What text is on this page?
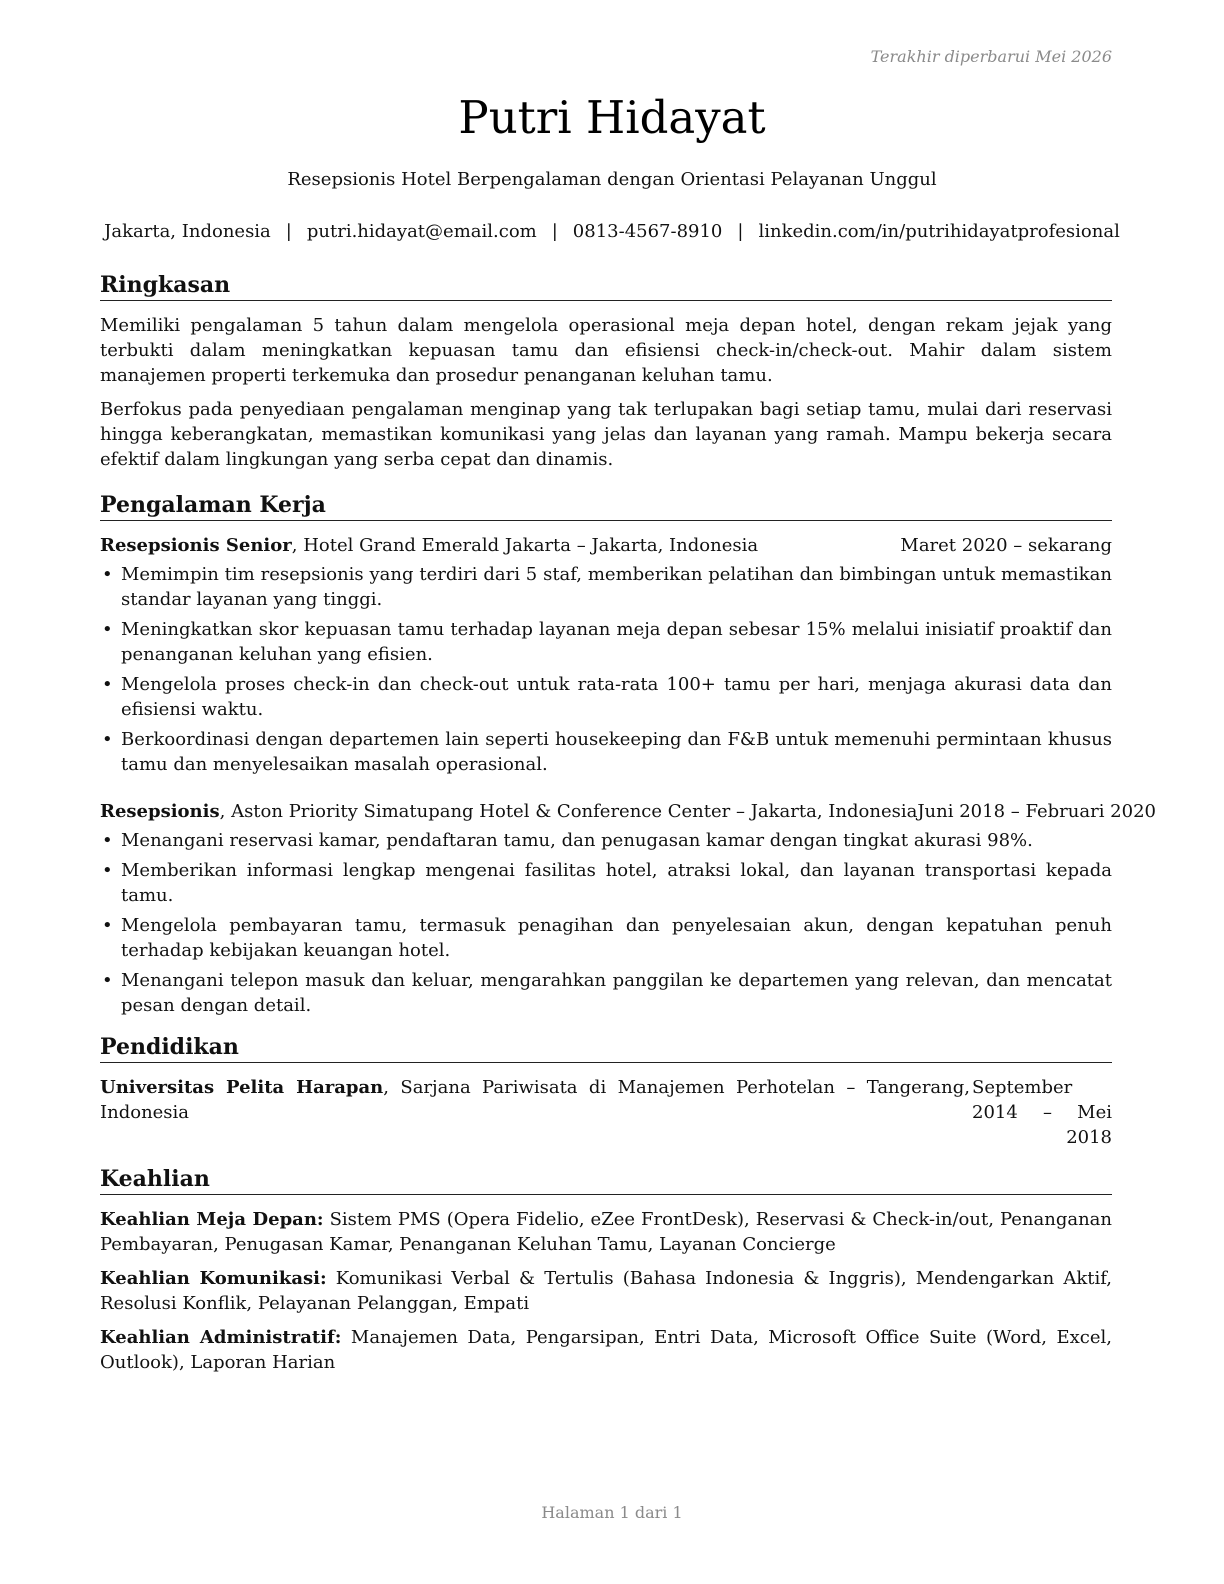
Terakhir diperbarui Mei 2026
Putri Hidayat
Resepsionis Hotel Berpengalaman dengan Orientasi Pelayanan Unggul
Jakarta, Indonesia | putri.hidayat@email.com | 0813-4567-8910 | linkedin.com/in/putrihidayatprofesional
Ringkasan

Memiliki pengalaman 5 tahun dalam mengelola operasional meja depan hotel, dengan rekam jejak yang terbukti dalam meningkatkan kepuasan tamu dan efisiensi check-in/check-out. Mahir dalam sistem manajemen properti terkemuka dan prosedur penanganan keluhan tamu.

Berfokus pada penyediaan pengalaman menginap yang tak terlupakan bagi setiap tamu, mulai dari reservasi hingga keberangkatan, memastikan komunikasi yang jelas dan layanan yang ramah. Mampu bekerja secara efektif dalam lingkungan yang serba cepat dan dinamis.

Pengalaman Kerja
Resepsionis Senior, Hotel Grand Emerald Jakarta – Jakarta, Indonesia	Maret 2020 – sekarang
• Memimpin tim resepsionis yang terdiri dari 5 staf, memberikan pelatihan dan bimbingan untuk memastikan standar layanan yang tinggi.
• Meningkatkan skor kepuasan tamu terhadap layanan meja depan sebesar 15% melalui inisiatif proaktif dan penanganan keluhan yang efisien.
• Mengelola proses check-in dan check-out untuk rata-rata 100+ tamu per hari, menjaga akurasi data dan efisiensi waktu.
• Berkoordinasi dengan departemen lain seperti housekeeping dan F&B untuk memenuhi permintaan khusus tamu dan menyelesaikan masalah operasional.
Resepsionis, Aston Priority Simatupang Hotel & Conference Center – Jakarta, Indonesia Juni 2018 – Februari 2020
• Menangani reservasi kamar, pendaftaran tamu, dan penugasan kamar dengan tingkat akurasi 98%.
• Memberikan informasi lengkap mengenai fasilitas hotel, atraksi lokal, dan layanan transportasi kepada tamu.
• Mengelola pembayaran tamu, termasuk penagihan dan penyelesaian akun, dengan kepatuhan penuh terhadap kebijakan keuangan hotel.
• Menangani telepon masuk dan keluar, mengarahkan panggilan ke departemen yang relevan, dan mencatat pesan dengan detail.
Pendidikan
Universitas Pelita Harapan, Sarjana Pariwisata di Manajemen Perhotelan – Tangerang, Indonesia
September 2014 – Mei 2018
Keahlian
Keahlian Meja Depan: Sistem PMS (Opera Fidelio, eZee FrontDesk), Reservasi & Check-in/out, Penanganan Pembayaran, Penugasan Kamar, Penanganan Keluhan Tamu, Layanan Concierge
Keahlian Komunikasi: Komunikasi Verbal & Tertulis (Bahasa Indonesia & Inggris), Mendengarkan Aktif, Resolusi Konflik, Pelayanan Pelanggan, Empati
Keahlian Administratif: Manajemen Data, Pengarsipan, Entri Data, Microsoft Office Suite (Word, Excel, Outlook), Laporan Harian
Halaman 1 dari 1
